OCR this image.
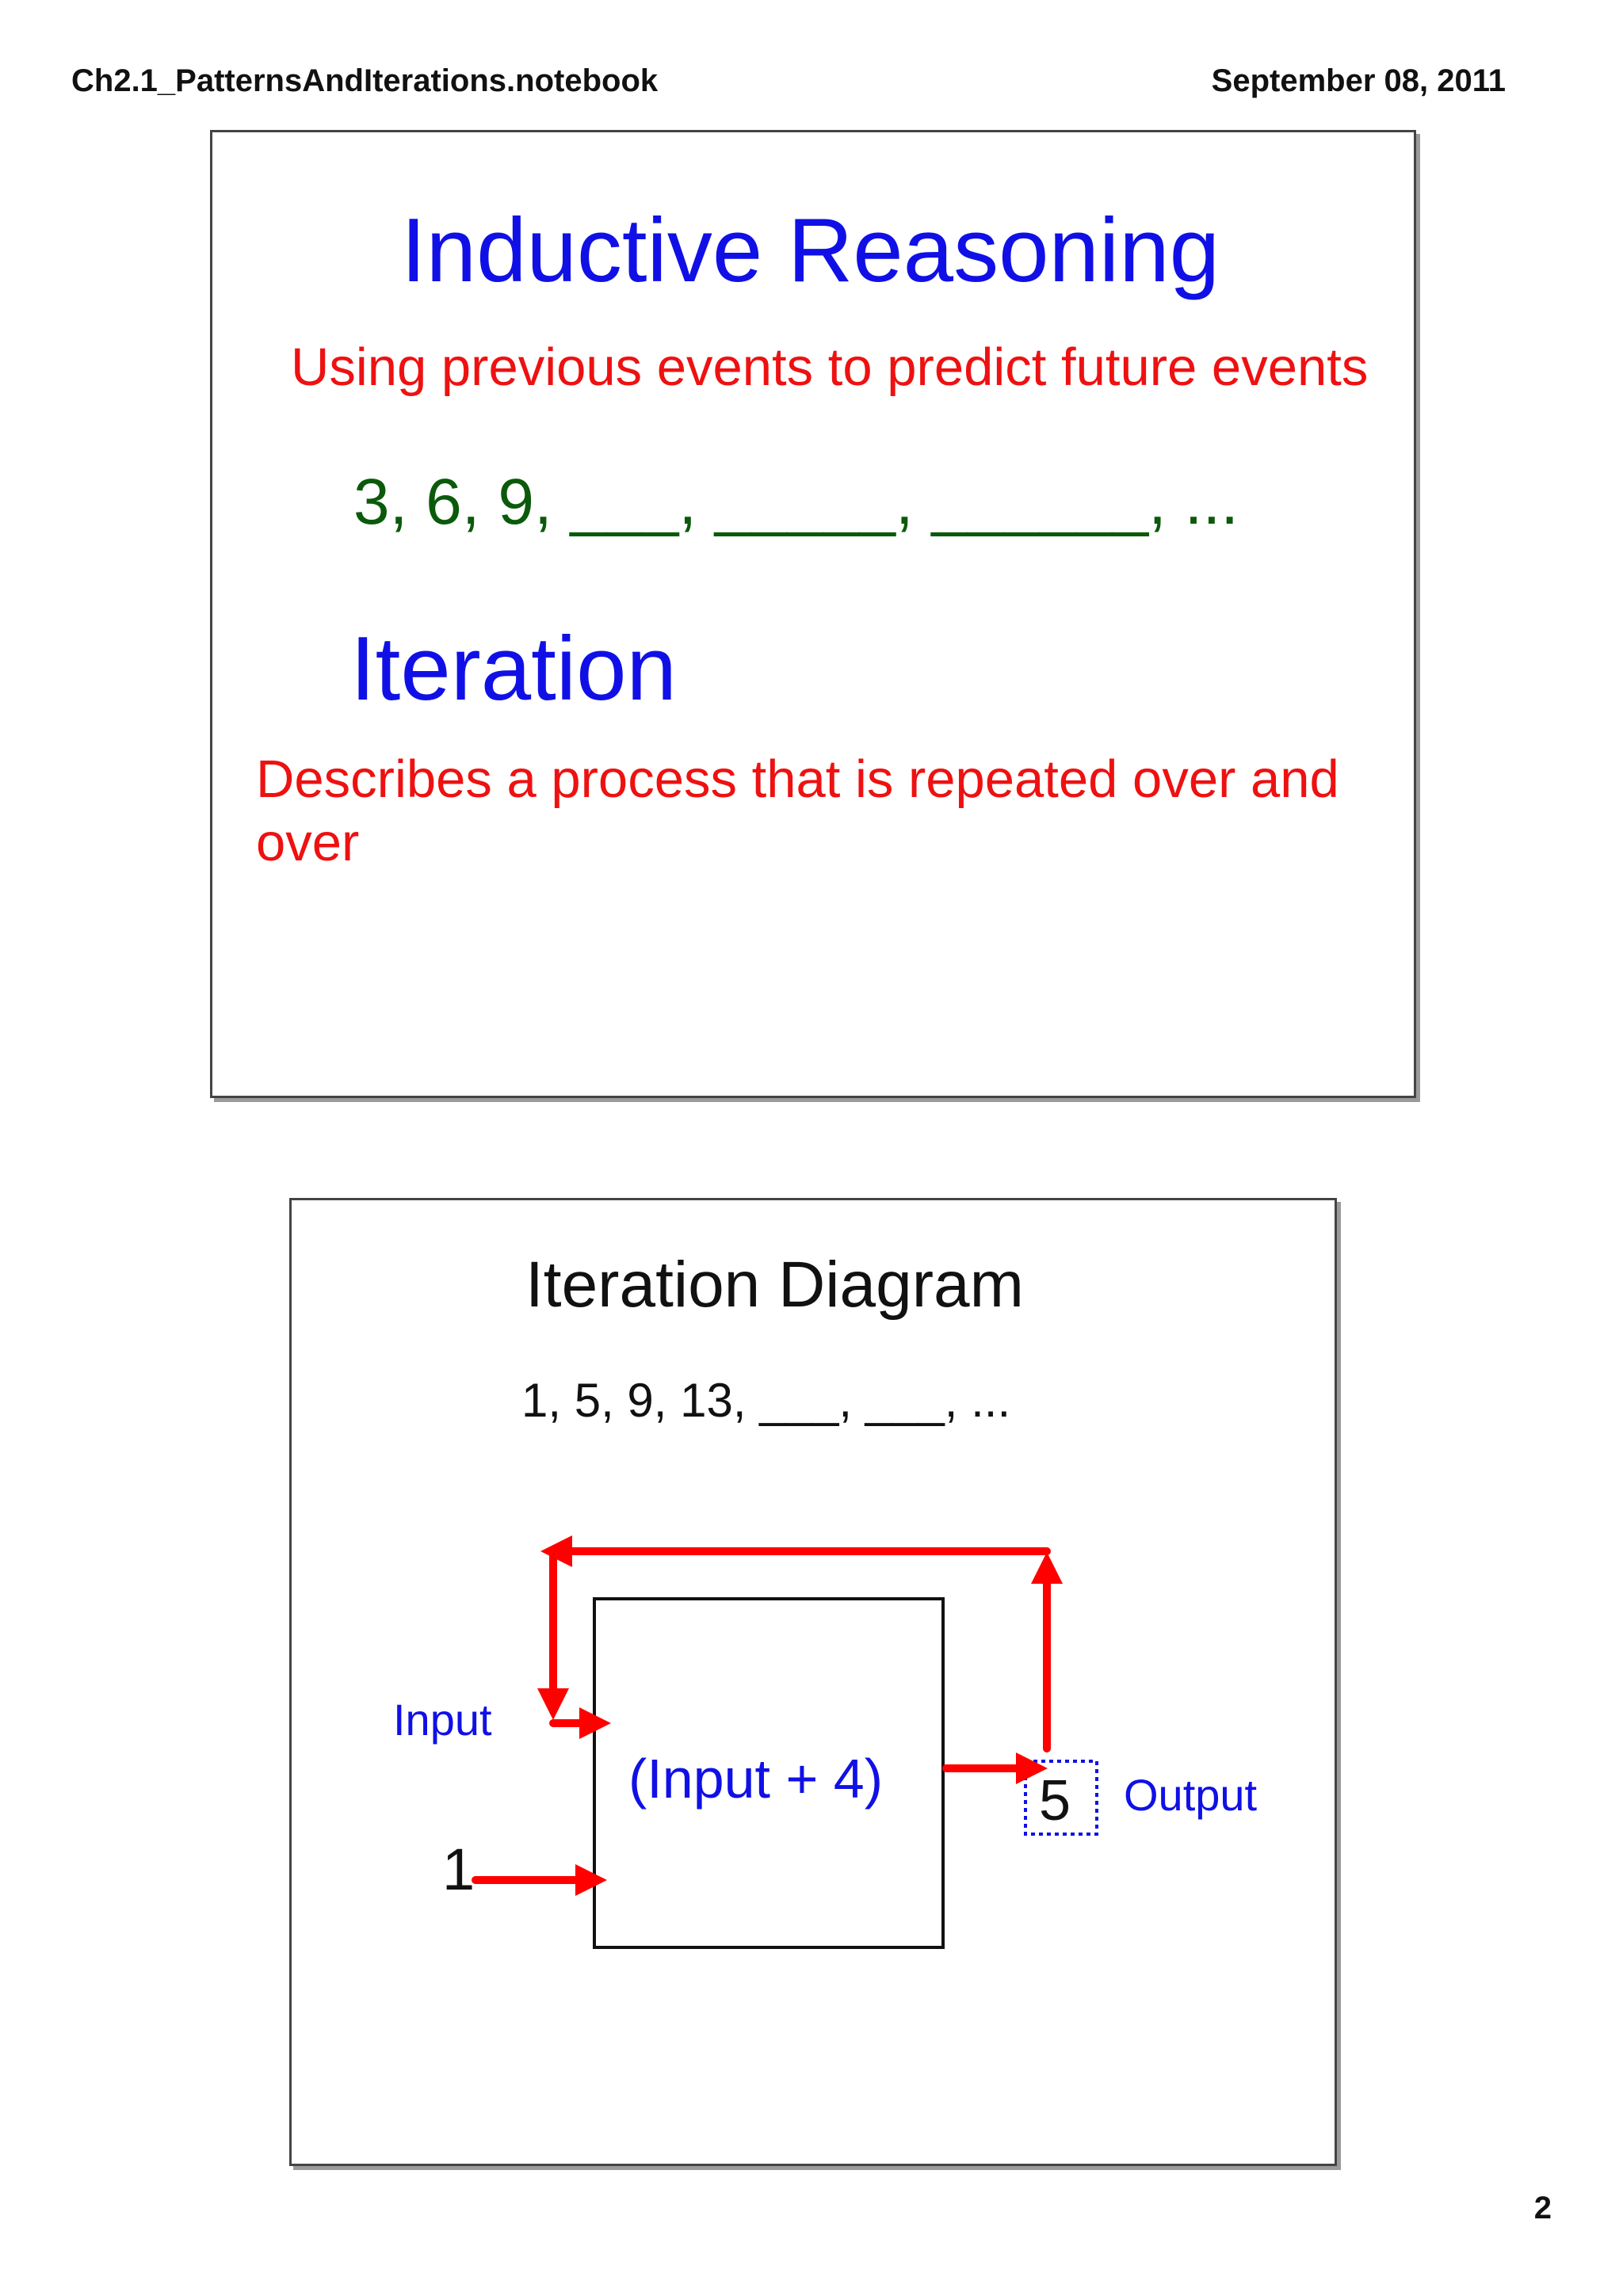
Ch2.1_PatternsAndIterations.notebook	September 08, 2011
Inductive Reasoning
Using previous events to predict future events
3, 6, 9, ___, _____, ______, ...
Iteration
Describes a process that is repeated over and over
Iteration Diagram
1, 5, 9, 13, ___, ___, ...
Input
1
(Input + 4)	5 Output
2
